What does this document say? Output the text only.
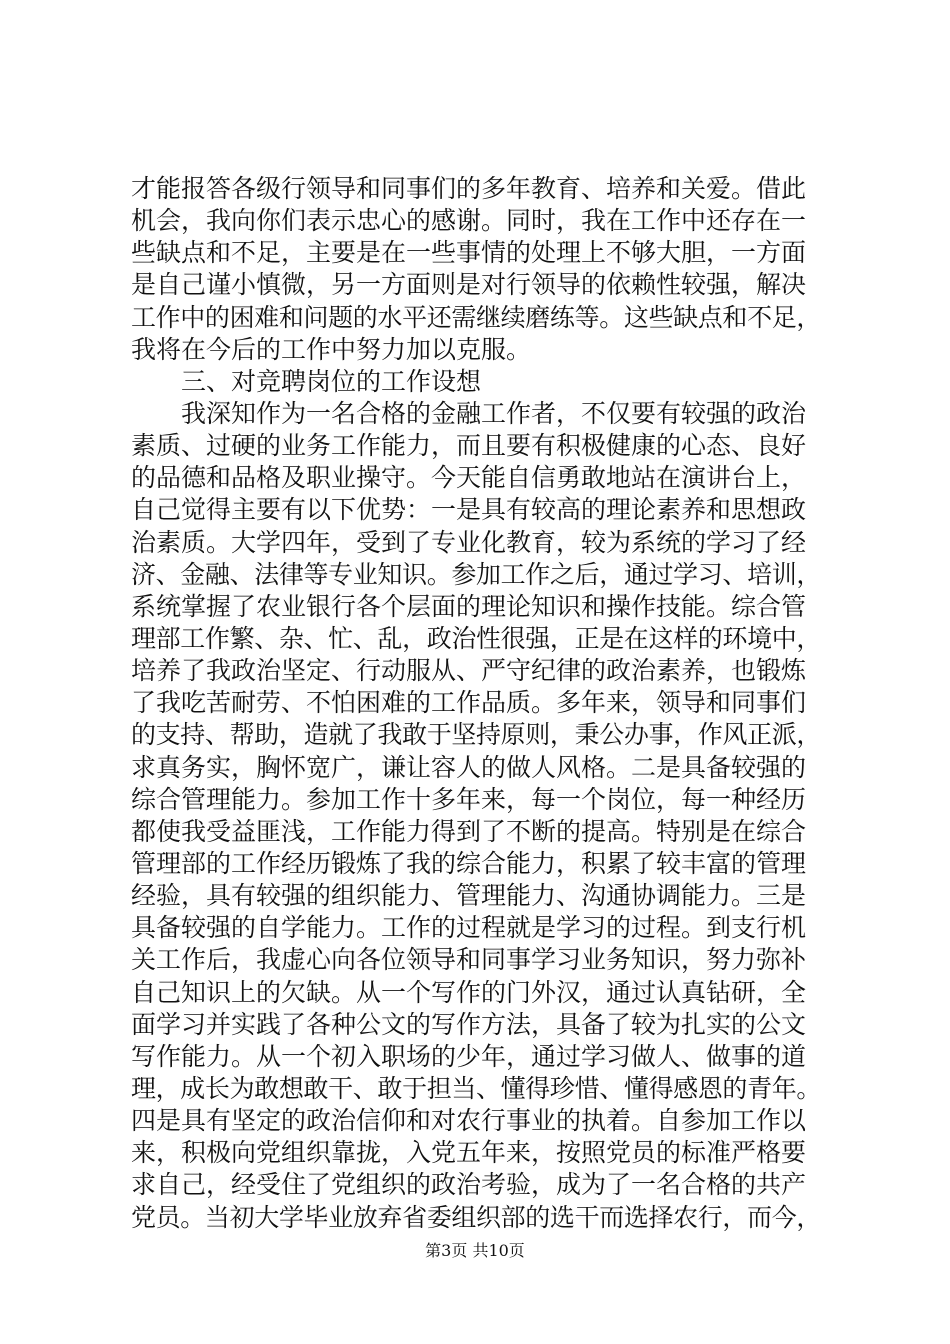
才能报答各级行领导和同事们的多年教育、培养和关爱。借此
机会，我向你们表示忠心的感谢。同时，我在工作中还存在一
些缺点和不足，主要是在一些事情的处理上不够大胆，一方面
是自己谨小慎微，另一方面则是对行领导的依赖性较强，解决
工作中的困难和问题的水平还需继续磨练等。这些缺点和不足，
我将在今后的工作中努力加以克服。
　　三、对竞聘岗位的工作设想
　　我深知作为一名合格的金融工作者，不仅要有较强的政治
素质、过硬的业务工作能力，而且要有积极健康的心态、良好
的品德和品格及职业操守。今天能自信勇敢地站在演讲台上，
自己觉得主要有以下优势：一是具有较高的理论素养和思想政
治素质。大学四年，受到了专业化教育，较为系统的学习了经
济、金融、法律等专业知识。参加工作之后，通过学习、培训，
系统掌握了农业银行各个层面的理论知识和操作技能。综合管
理部工作繁、杂、忙、乱，政治性很强，正是在这样的环境中，
培养了我政治坚定、行动服从、严守纪律的政治素养，也锻炼
了我吃苦耐劳、不怕困难的工作品质。多年来，领导和同事们
的支持、帮助，造就了我敢于坚持原则，秉公办事，作风正派，
求真务实，胸怀宽广，谦让容人的做人风格。二是具备较强的
综合管理能力。参加工作十多年来，每一个岗位，每一种经历
都使我受益匪浅，工作能力得到了不断的提高。特别是在综合
管理部的工作经历锻炼了我的综合能力，积累了较丰富的管理
经验，具有较强的组织能力、管理能力、沟通协调能力。三是
具备较强的自学能力。工作的过程就是学习的过程。到支行机
关工作后，我虚心向各位领导和同事学习业务知识，努力弥补
自己知识上的欠缺。从一个写作的门外汉，通过认真钻研，全
面学习并实践了各种公文的写作方法，具备了较为扎实的公文
写作能力。从一个初入职场的少年，通过学习做人、做事的道
理，成长为敢想敢干、敢于担当、懂得珍惜、懂得感恩的青年。
四是具有坚定的政治信仰和对农行事业的执着。自参加工作以
来，积极向党组织靠拢，入党五年来，按照党员的标准严格要
求自己，经受住了党组织的政治考验，成为了一名合格的共产
党员。当初大学毕业放弃省委组织部的选干而选择农行，而今，
第3页 共10页
